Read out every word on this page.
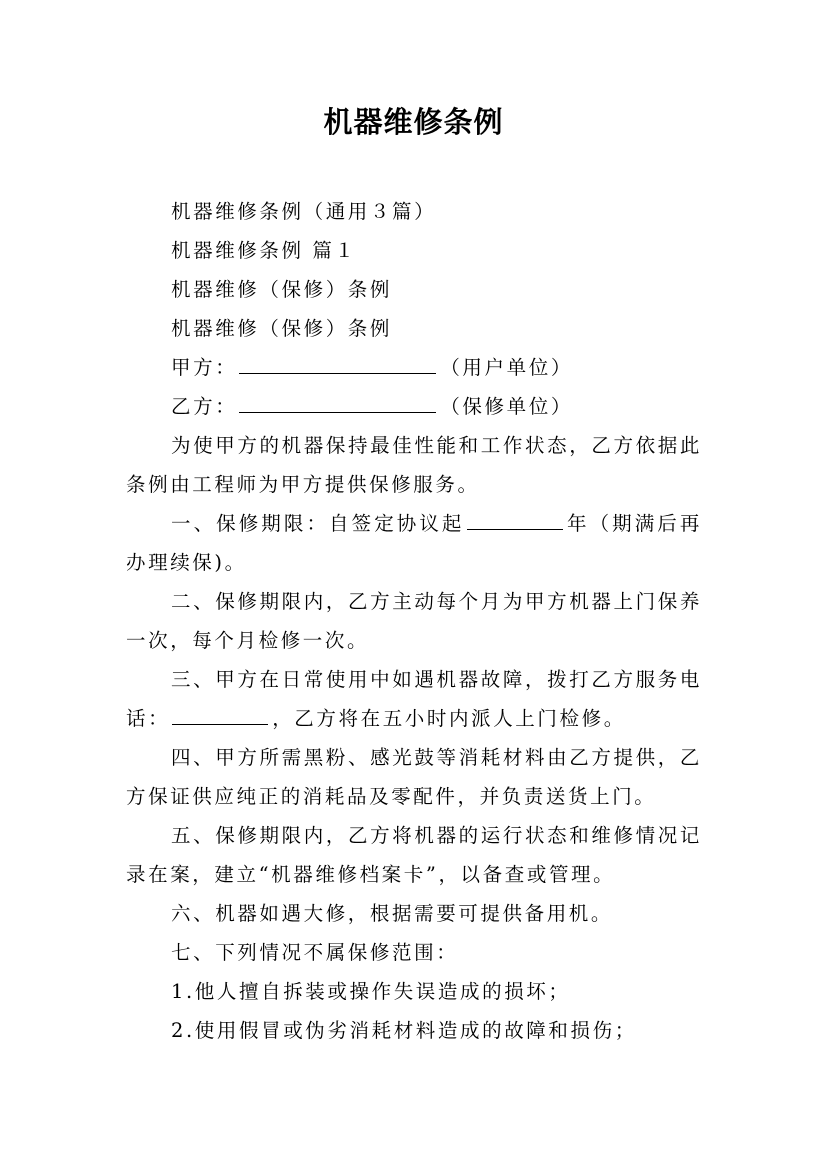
机器维修条例
机器维修条例（通用３篇）
机器维修条例 篇１
机器维修（保修）条例
机器维修（保修）条例
甲方：	（用户单位）
乙方：	（保修单位）

为使甲方的机器保持最佳性能和工作状态，乙方依据此条例由工程师为甲方提供保修服务。

一、保修期限：自签定协议起	年（期满后再办理续保)。

二、保修期限内，乙方主动每个月为甲方机器上门保养一次，每个月检修一次。

三、甲方在日常使用中如遇机器故障，拨打乙方服务电话：	，乙方将在五小时内派人上门检修。

四、甲方所需黑粉、感光鼓等消耗材料由乙方提供，乙方保证供应纯正的消耗品及零配件，并负责送货上门。

五、保修期限内，乙方将机器的运行状态和维修情况记录在案，建立“机器维修档案卡”，以备查或管理。

六、机器如遇大修，根据需要可提供备用机。

七、下列情况不属保修范围：

1.他人擅自拆装或操作失误造成的损坏；

2.使用假冒或伪劣消耗材料造成的故障和损伤；
